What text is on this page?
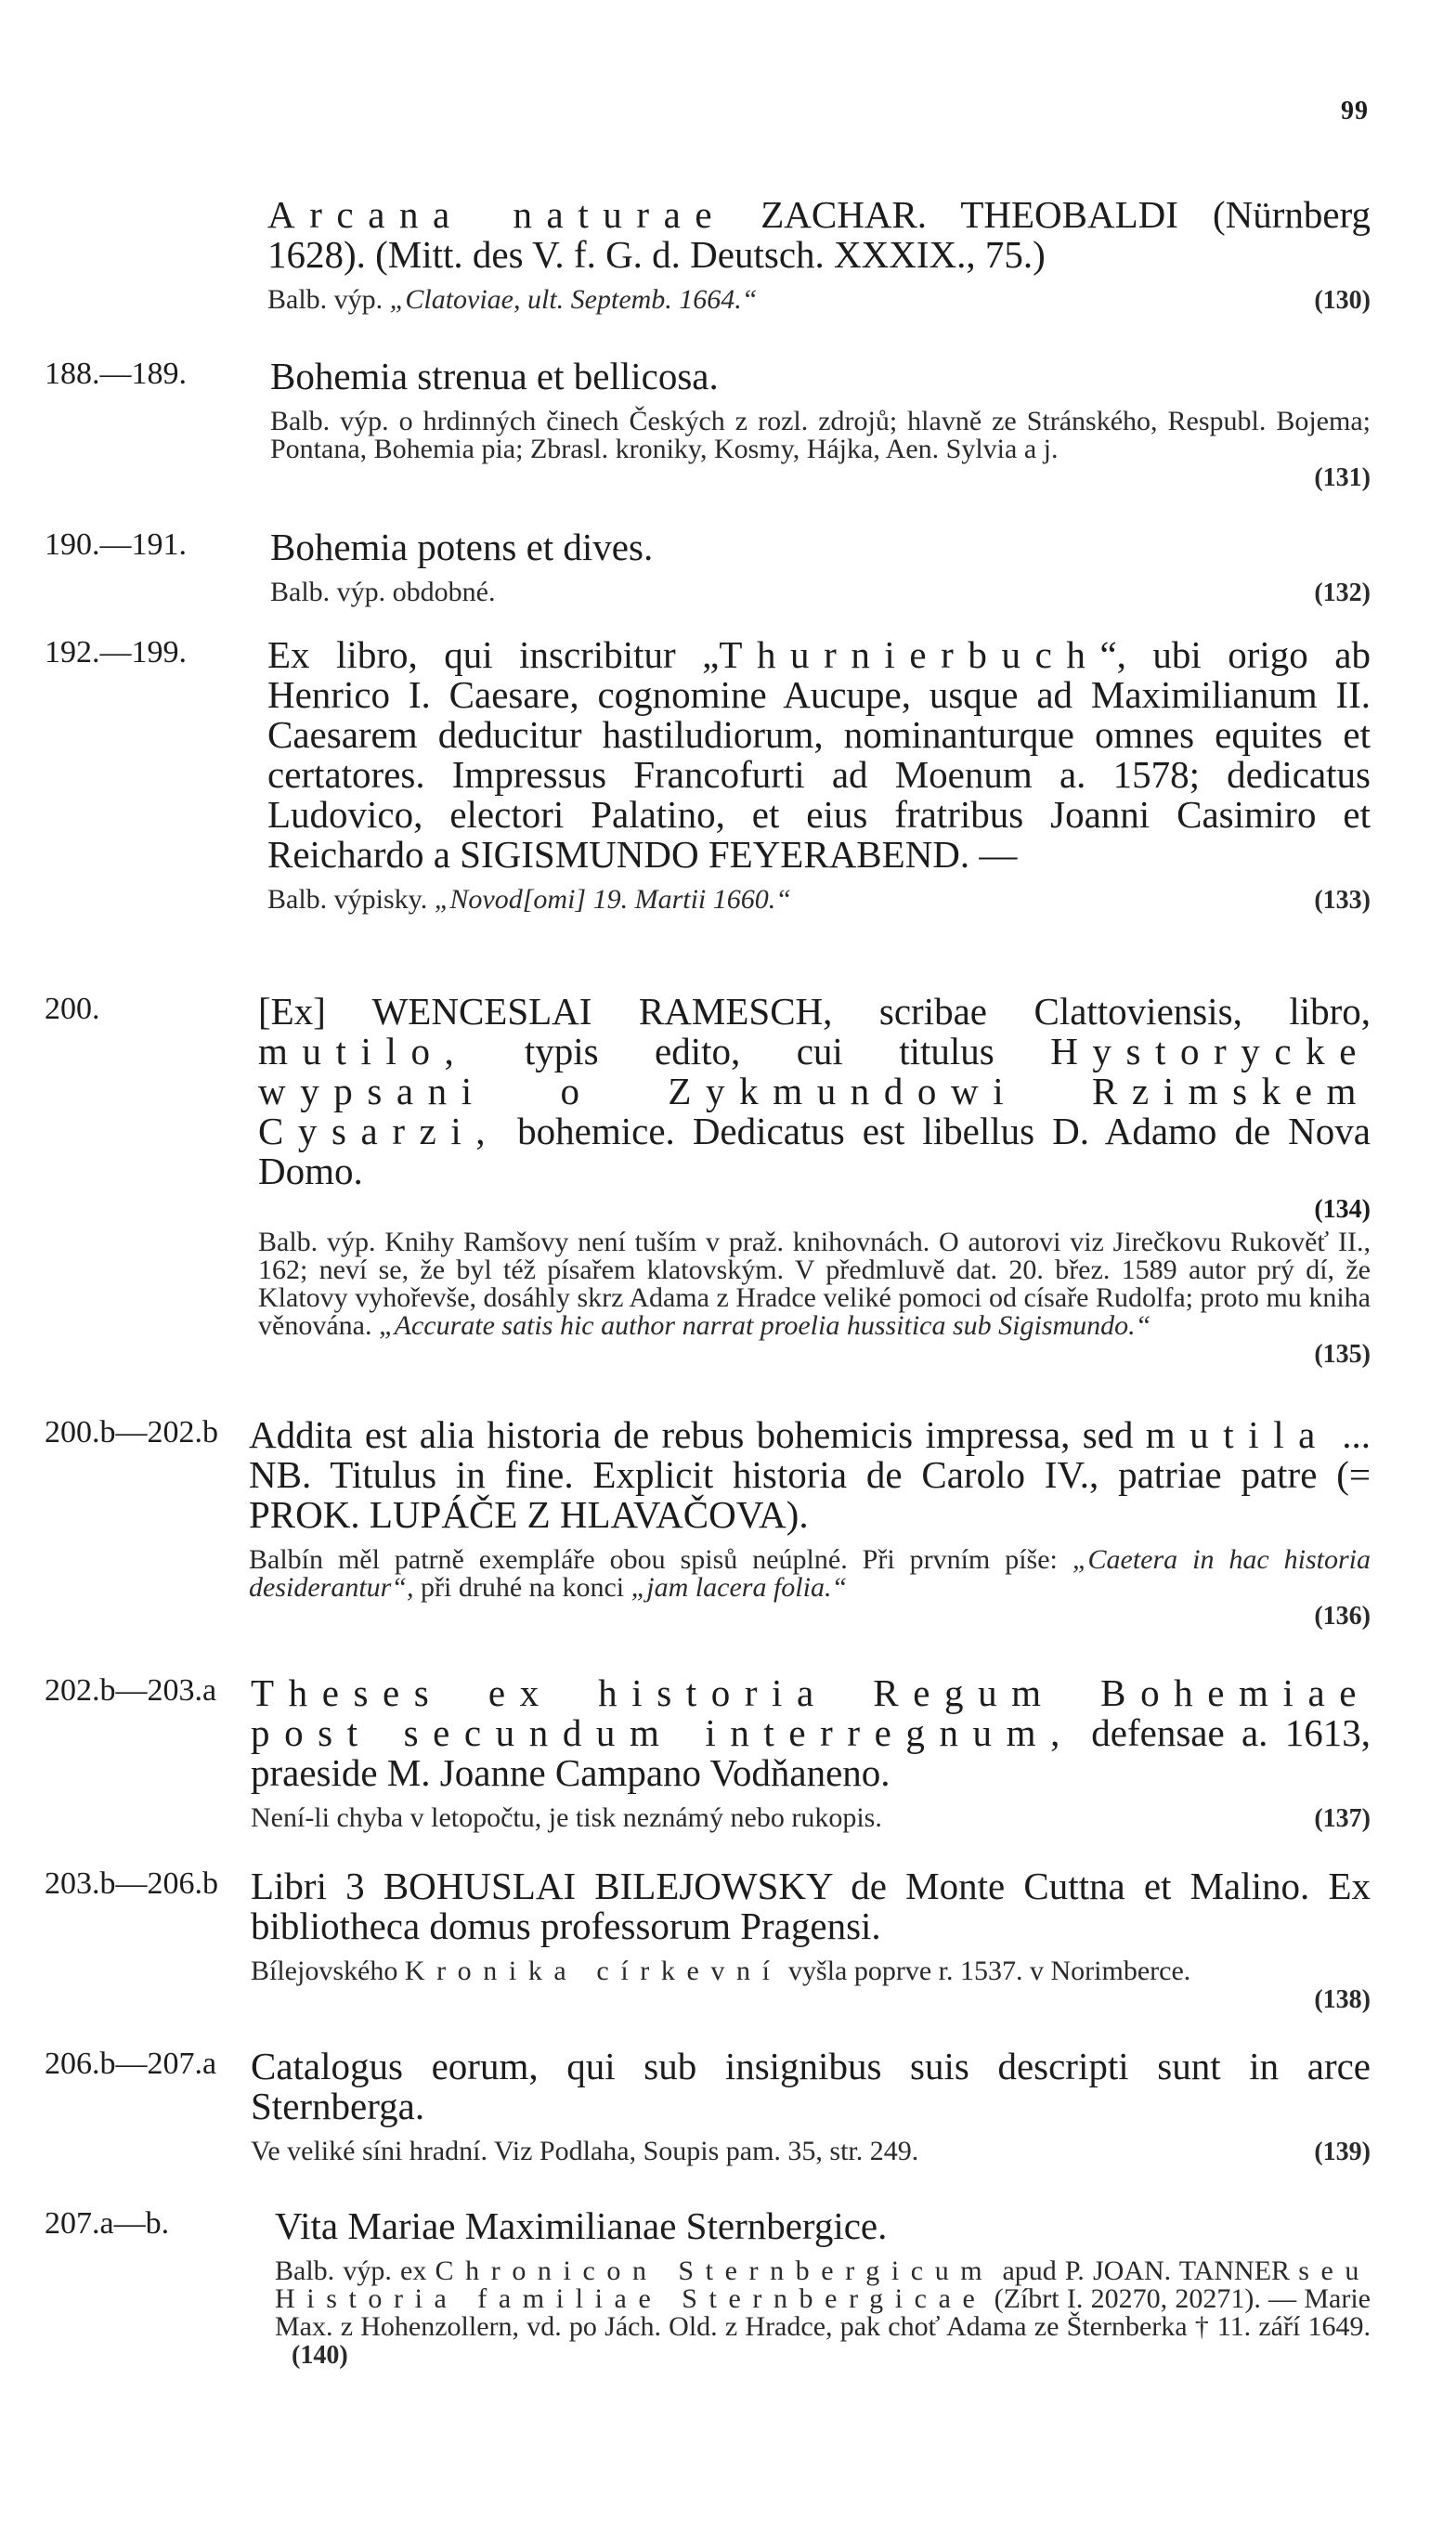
99
Arcana naturae ZACHAR. THEOBALDI (Nürnberg 1628). (Mitt. des V. f. G. d. Deutsch. XXXIX., 75.)
Balb. výp. „Clatoviae, ult. Septemb. 1664.“	(130)
188.—189. Bohemia strenua et bellicosa.
Balb. výp. o hrdinných činech Českých z rozl. zdrojů; hlavně ze Stránského, Respubl. Bojema; Pontana, Bohemia pia; Zbrasl. kroniky, Kosmy, Hájka, Aen. Sylvia a j.
(131)
190.—191. Bohemia potens et dives.
Balb. výp. obdobné.	(132)
192.—199. Ex libro, qui inscribitur „Thurnierbuch“, ubi origo ab Henrico I. Caesare, cognomine Aucupe, usque ad Maximilianum II. Caesarem deducitur hastiludiorum, nominanturque omnes equites et certatores. Impressus Francofurti ad Moenum a. 1578; dedicatus Ludovico, electori Palatino, et eius fratribus Joanni Casimiro et Reichardo a SIGISMUNDO FEYERABEND. —
Balb. výpisky. „Novod[omi] 19. Martii 1660.“	(133)
200.	[Ex] WENCESLAI RAMESCH, scribae Clattoviensis, libro, mutilo, typis edito, cui titulus Hystorycke wypsani o Zykmundowi Rzimskem Cysarzi, bohemice. Dedicatus est libellus D. Adamo de Nova Domo.
(134)
Balb. výp. Knihy Ramšovy není tuším v praž. knihovnách. O autorovi viz Jirečkovu Rukověť II., 162; neví se, že byl též písařem klatovským. V předmluvě dat. 20. břez. 1589 autor prý dí, že Klatovy vyhořevše, dosáhly skrz Adama z Hradce veliké pomoci od císaře Rudolfa; proto mu kniha věnována. „Accurate satis hic author narrat proelia hussitica sub Sigismundo.“
(135)
200.b—202.b Addita est alia historia de rebus bohemicis impressa, sed mutila ... NB. Titulus in fine. Explicit historia de Carolo IV., patriae patre (= PROK. LUPÁČE Z HLAVAČOVA).
Balbín měl patrně exempláře obou spisů neúplné. Při prvním píše: „Caetera in hac historia desiderantur“, při druhé na konci „jam lacera folia.“
(136)
202.b—203.a Theses ex historia Regum Bohemiae post secundum interregnum, defensae a. 1613, praeside M. Joanne Campano Vodňaneno.
Není-li chyba v letopočtu, je tisk neznámý nebo rukopis.	(137)
203.b—206.b Libri 3 BOHUSLAI BILEJOWSKY de Monte Cuttna et Malino. Ex bibliotheca domus professorum Pragensi.
Bílejovského Kronika církevní vyšla poprve r. 1537. v Norimberce.
(138)
206.b—207.a Catalogus eorum, qui sub insignibus suis descripti sunt in arce Sternberga.
Ve veliké síni hradní. Viz Podlaha, Soupis pam. 35, str. 249.	(139)
207.a—b.	Vita Mariae Maximilianae Sternbergice.
Balb. výp. ex Chronicon Sternbergicum apud P. JOAN. TANNER seu Historia familiae Sternbergicae (Zíbrt I. 20270, 20271). — Marie Max. z Hohenzollern, vd. po Jách. Old. z Hradce, pak choť Adama ze Šternberka † 11. září 1649. (140)
